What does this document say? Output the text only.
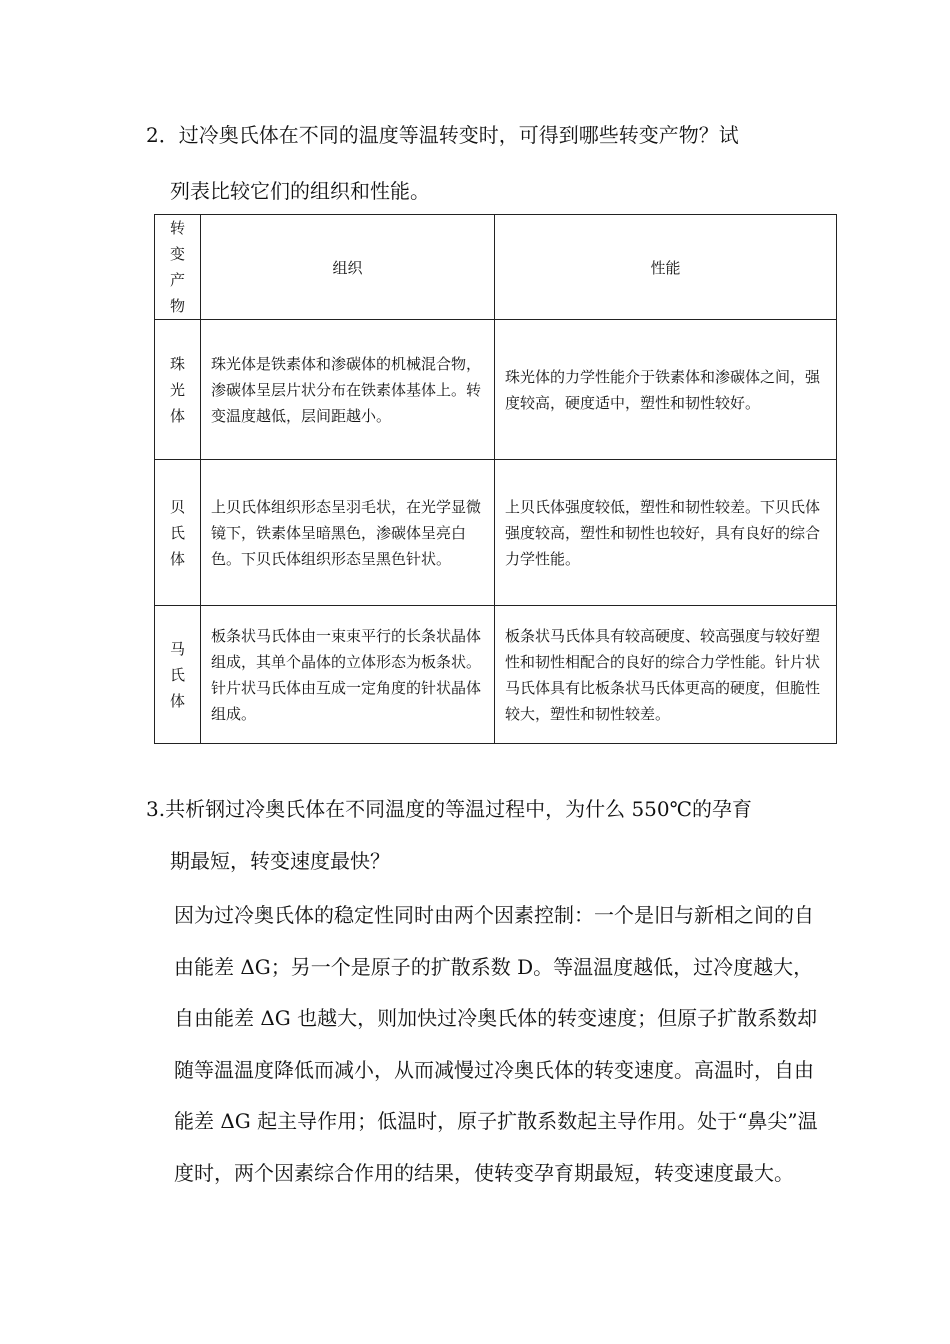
2．过冷奥氏体在不同的温度等温转变时，可得到哪些转变产物？试
列表比较它们的组织和性能。
转变产物	组织	性能
珠光体	珠光体是铁素体和渗碳体的机械混合物，渗碳体呈层片状分布在铁素体基体上。转变温度越低，层间距越小。	珠光体的力学性能介于铁素体和渗碳体之间，强度较高，硬度适中，塑性和韧性较好。

贝氏体	上贝氏体组织形态呈羽毛状，在光学显微镜下，铁素体呈暗黑色，渗碳体呈亮白色。下贝氏体组织形态呈黑色针状。	上贝氏体强度较低，塑性和韧性较差。下贝氏体强度较高，塑性和韧性也较好，具有良好的综合力学性能。

马氏体	板条状马氏体由一束束平行的长条状晶体组成，其单个晶体的立体形态为板条状。针片状马氏体由互成一定角度的针状晶体组成。	板条状马氏体具有较高硬度、较高强度与较好塑性和韧性相配合的良好的综合力学性能。针片状马氏体具有比板条状马氏体更高的硬度，但脆性较大，塑性和韧性较差。
3.共析钢过冷奥氏体在不同温度的等温过程中，为什么 550℃的孕育
期最短，转变速度最快？
因为过冷奥氏体的稳定性同时由两个因素控制：一个是旧与新相之间的自由能差 ΔG；另一个是原子的扩散系数 D。等温温度越低，过冷度越大，自由能差 ΔG 也越大，则加快过冷奥氏体的转变速度；但原子扩散系数却随等温温度降低而减小，从而减慢过冷奥氏体的转变速度。高温时，自由能差 ΔG 起主导作用；低温时，原子扩散系数起主导作用。处于“鼻尖”温度时，两个因素综合作用的结果，使转变孕育期最短，转变速度最大。
